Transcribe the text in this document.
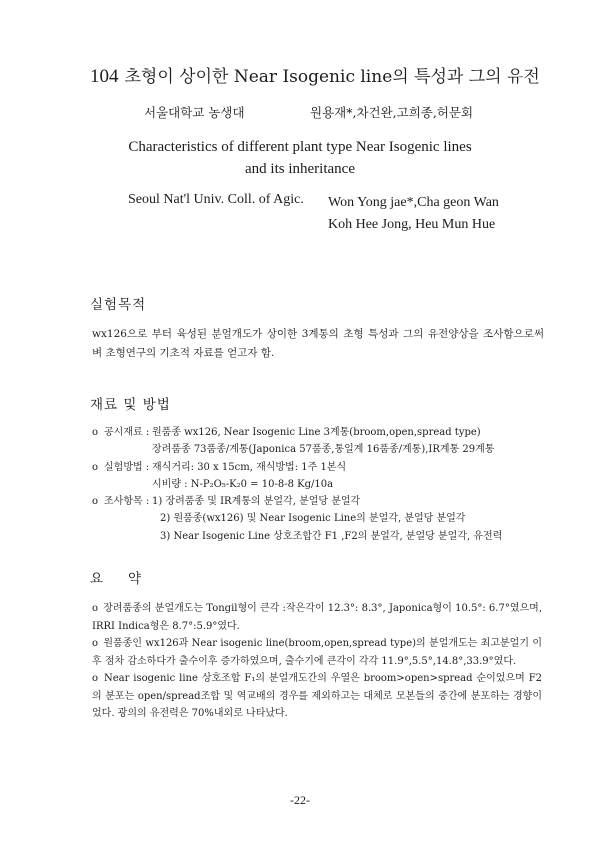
104 초형이 상이한 Near Isogenic line의 특성과 그의 유전
서울대학교 농생대	원용재*,차건완,고희종,허문회
Characteristics of different plant type Near Isogenic lines
and its inheritance
Seoul Nat'l Univ. Coll. of Agic. Won Yong jae*,Cha geon Wan
Koh Hee Jong, Heu Mun Hue
실험목적
wx126으로 부터 육성된 분얼개도가 상이한 3계통의 초형 특성과 그의 유전양상을 조사함으로써 벼 초형연구의 기초적 자료를 얻고자 함.
재료 및 방법
o 공시재료 : 원품종 wx126, Near Isogenic Line 3계통(broom,open,spread type)
장려품종 73품종/계통(Japonica 57품종,통일계 16품종/계통),IR계통 29계통
o 실험방법 : 재식거리: 30 x 15cm, 재식방법: 1주 1본식
시비량 : N-P₂O₅-K₂0 = 10-8-8 Kg/10a
o 조사항목 : 1) 장려품종 및 IR계통의 분얼각, 분얼당 분얼각
2) 원품종(wx126) 및 Near Isogenic Line의 분얼각, 분얼당 분얼각
3) Near Isogenic Line 상호조합간 F1 ,F2의 분얼각, 분얼당 분얼각, 유전력
요 약
o 장려품종의 분얼개도는 Tongil형이 큰각 :작은각이 12.3°: 8.3°, Japonica형이 10.5°: 6.7°였으며, IRRI Indica형은 8.7°:5.9°였다.
o 원품종인 wx126과 Near isogenic line(broom,open,spread type)의 분얼개도는 최고분얼기 이후 점차 감소하다가 출수이후 증가하였으며, 출수기에 큰각이 각각 11.9°,5.5°,14.8°,33.9°였다.
o Near isogenic line 상호조합 F₁의 분얼개도간의 우열은 broom>open>spread 순이었으며 F2의 분포는 open/spread조합 및 역교배의 경우를 제외하고는 대체로 모본들의 중간에 분포하는 경향이었다. 광의의 유전력은 70%내외로 나타났다.
-22-
